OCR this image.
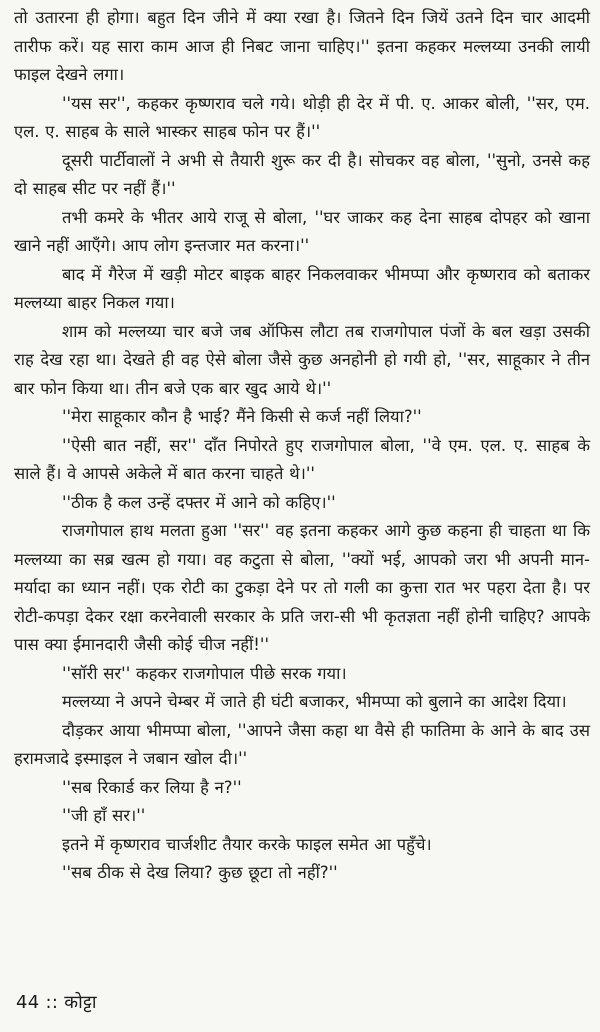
तो उतारना ही होगा। बहुत दिन जीने में क्या रखा है। जितने दिन जियें उतने दिन चार आदमी तारीफ करें। यह सारा काम आज ही निबट जाना चाहिए।'' इतना कहकर मल्लय्या उनकी लायी फाइल देखने लगा।

''यस सर'', कहकर कृष्णराव चले गये। थोड़ी ही देर में पी. ए. आकर बोली, ''सर, एम. एल. ए. साहब के साले भास्कर साहब फोन पर हैं।''

दूसरी पार्टीवालों ने अभी से तैयारी शुरू कर दी है। सोचकर वह बोला, ''सुनो, उनसे कह दो साहब सीट पर नहीं हैं।''

तभी कमरे के भीतर आये राजू से बोला, ''घर जाकर कह देना साहब दोपहर को खाना खाने नहीं आएँगे। आप लोग इन्तजार मत करना।''

बाद में गैरेज में खड़ी मोटर बाइक बाहर निकलवाकर भीमप्पा और कृष्णराव को बताकर मल्लय्या बाहर निकल गया।

शाम को मल्लय्या चार बजे जब ऑफिस लौटा तब राजगोपाल पंजों के बल खड़ा उसकी राह देख रहा था। देखते ही वह ऐसे बोला जैसे कुछ अनहोनी हो गयी हो, ''सर, साहूकार ने तीन बार फोन किया था। तीन बजे एक बार खुद आये थे।''

''मेरा साहूकार कौन है भाई? मैंने किसी से कर्ज नहीं लिया?''

''ऐसी बात नहीं, सर'' दाँत निपोरते हुए राजगोपाल बोला, ''वे एम. एल. ए. साहब के साले हैं। वे आपसे अकेले में बात करना चाहते थे।''

''ठीक है कल उन्हें दफ्तर में आने को कहिए।''

राजगोपाल हाथ मलता हुआ ''सर'' वह इतना कहकर आगे कुछ कहना ही चाहता था कि मल्लय्या का सब्र खत्म हो गया। वह कटुता से बोला, ''क्यों भई, आपको जरा भी अपनी मान-मर्यादा का ध्यान नहीं। एक रोटी का टुकड़ा देने पर तो गली का कुत्ता रात भर पहरा देता है। पर रोटी-कपड़ा देकर रक्षा करनेवाली सरकार के प्रति जरा-सी भी कृतज्ञता नहीं होनी चाहिए? आपके पास क्या ईमानदारी जैसी कोई चीज नहीं!''

''सॉरी सर'' कहकर राजगोपाल पीछे सरक गया।

मल्लय्या ने अपने चेम्बर में जाते ही घंटी बजाकर, भीमप्पा को बुलाने का आदेश दिया।

दौड़कर आया भीमप्पा बोला, ''आपने जैसा कहा था वैसे ही फातिमा के आने के बाद उस हरामजादे इस्माइल ने जबान खोल दी।''

''सब रिकार्ड कर लिया है न?''

''जी हाँ सर।''

इतने में कृष्णराव चार्जशीट तैयार करके फाइल समेत आ पहुँचे।

''सब ठीक से देख लिया? कुछ छूटा तो नहीं?''

44 :: कोट्टा
